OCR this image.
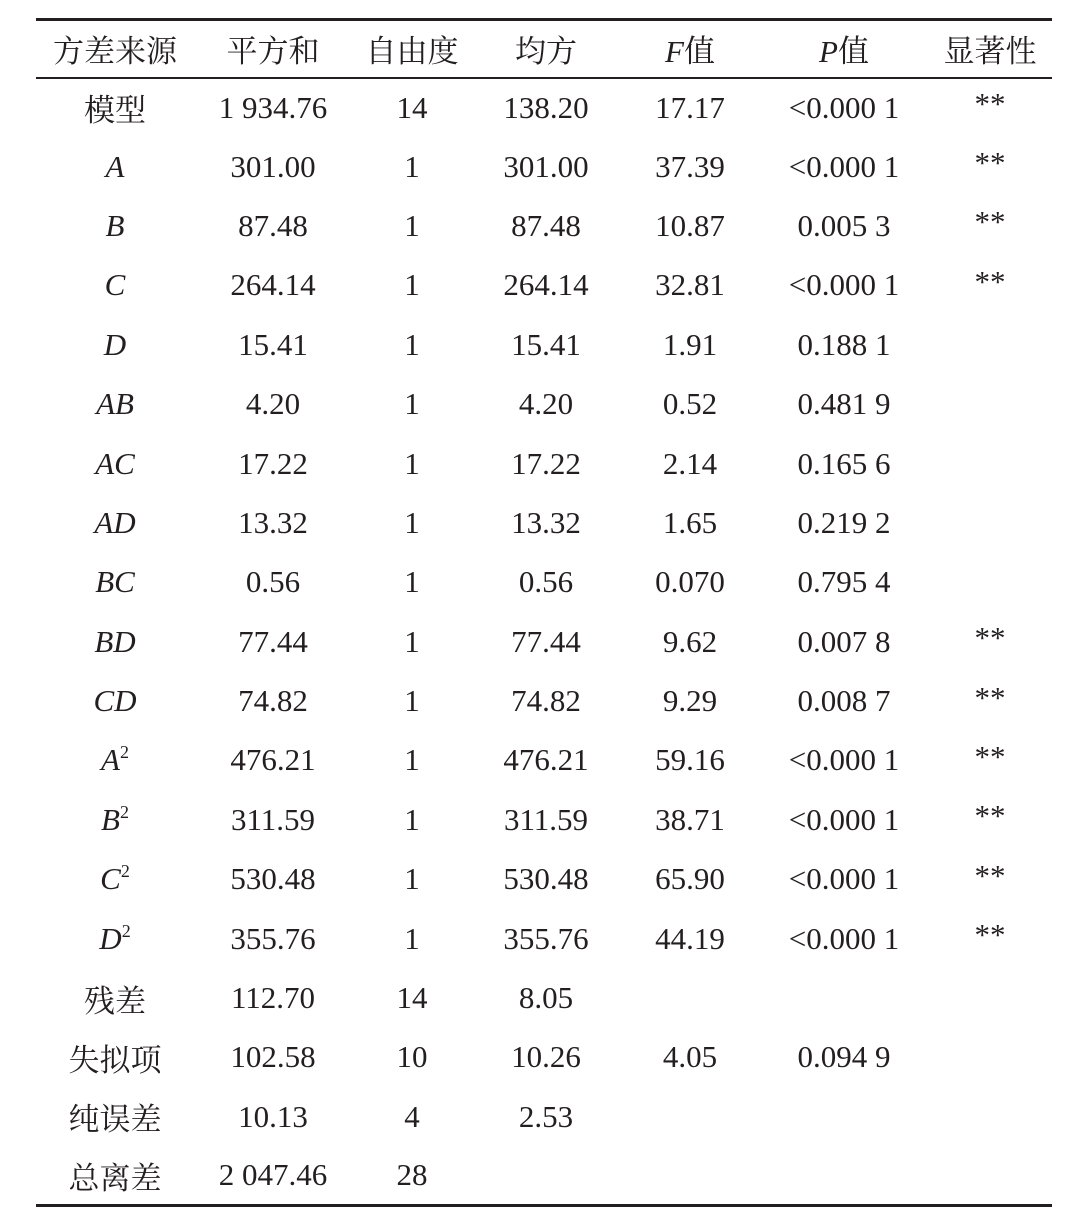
方差来源	平方和	自由度	均方	F值	P值	显著性
模型	1 934.76	14	138.20	17.17	<0.000 1	**
A	301.00	1	301.00	37.39	<0.000 1	**
B	87.48	1	87.48	10.87	0.005 3	**
C	264.14	1	264.14	32.81	<0.000 1	**
D	15.41	1	15.41	1.91	0.188 1	
AB	4.20	1	4.20	0.52	0.481 9	
AC	17.22	1	17.22	2.14	0.165 6	
AD	13.32	1	13.32	1.65	0.219 2	
BC	0.56	1	0.56	0.070	0.795 4	
BD	77.44	1	77.44	9.62	0.007 8	**
CD	74.82	1	74.82	9.29	0.008 7	**
$A^2$	476.21	1	476.21	59.16	<0.000 1	**
$B^2$	311.59	1	311.59	38.71	<0.000 1	**
$C^2$	530.48	1	530.48	65.90	<0.000 1	**
$D^2$	355.76	1	355.76	44.19	<0.000 1	**
残差	112.70	14	8.05			
失拟项	102.58	10	10.26	4.05	0.094 9	
纯误差	10.13	4	2.53			
总离差	2 047.46	28				
